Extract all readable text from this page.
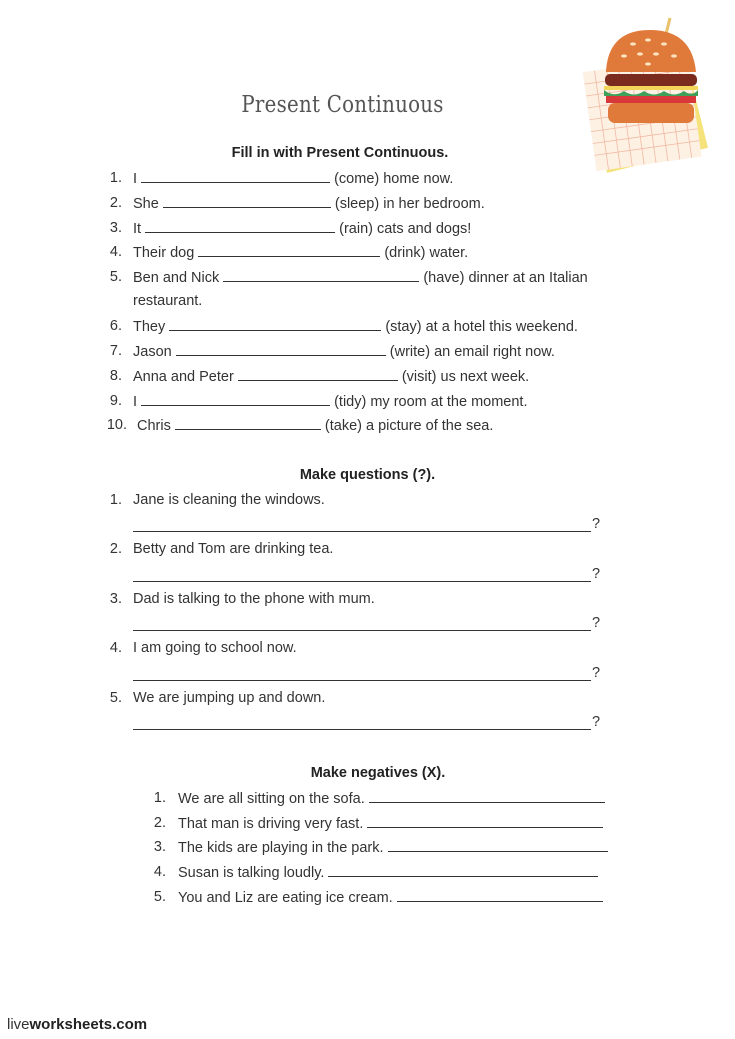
Present Continuous
Fill in with Present Continuous.
1. I	(come) home now.
2. She	(sleep) in her bedroom.
3. It	(rain) cats and dogs!
4. Their dog	(drink) water.
5. Ben and Nick	(have) dinner at an Italian
restaurant.
6. They	(stay) at a hotel this weekend.
7. Jason	(write) an email right now.
8. Anna and Peter	(visit) us next week.
9. I	(tidy) my room at the moment.
10. Chris	(take) a picture of the sea.
Make questions (?).
1. Jane is cleaning the windows.
?
2. Betty and Tom are drinking tea.
?
3. Dad is talking to the phone with mum.
?
4. I am going to school now.
?
5. We are jumping up and down.
?
Make negatives (X).
1. We are all sitting on the sofa.
2. That man is driving very fast.
3. The kids are playing in the park.
4. Susan is talking loudly.
5. You and Liz are eating ice cream.
liveworksheets.com
